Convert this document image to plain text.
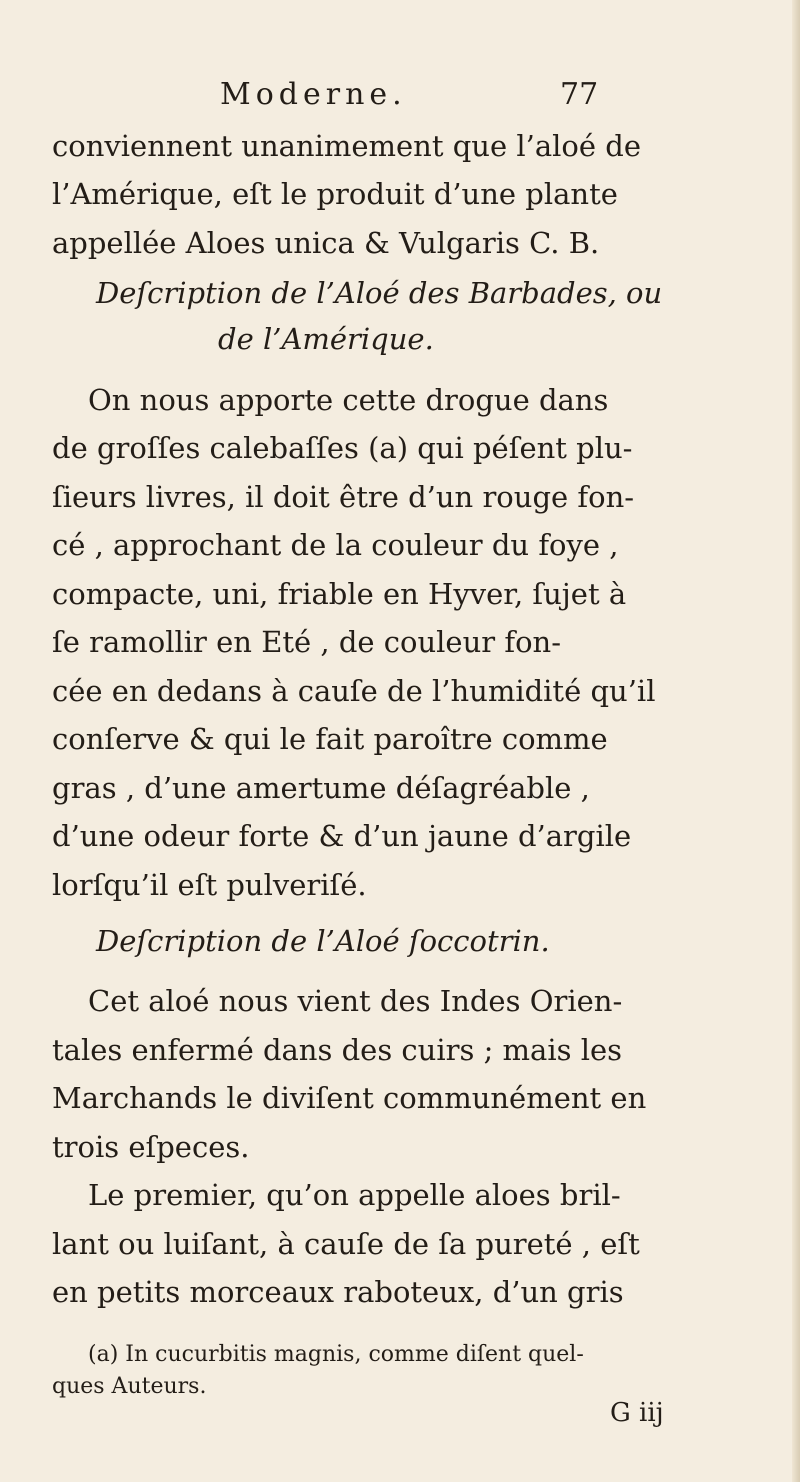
Moderne.	77
conviennent unanimement que l’aloé de
l’Amérique, eſt le produit d’une plante
appellée Aloes unica & Vulgaris C. B.
Deſcription de l’Aloé des Barbades, ou
de l’Amérique.
On nous apporte cette drogue dans
de groſſes calebaſſes (a) qui péſent plu-
ſieurs livres, il doit être d’un rouge fon-
cé , approchant de la couleur du foye ,
compacte, uni, friable en Hyver, ſujet à
ſe ramollir en Eté , de couleur fon-
cée en dedans à cauſe de l’humidité qu’il
conſerve & qui le fait paroître comme
gras , d’une amertume déſagréable ,
d’une odeur forte & d’un jaune d’argile
lorſqu’il eſt pulveriſé.
Deſcription de l’Aloé ſoccotrin.
Cet aloé nous vient des Indes Orien-
tales enfermé dans des cuirs ; mais les
Marchands le diviſent communément en
trois eſpeces.
Le premier, qu’on appelle aloes bril-
lant ou luiſant, à cauſe de ſa pureté , eſt
en petits morceaux raboteux, d’un gris
(a) In cucurbitis magnis, comme diſent quel-
ques Auteurs.
G iij
